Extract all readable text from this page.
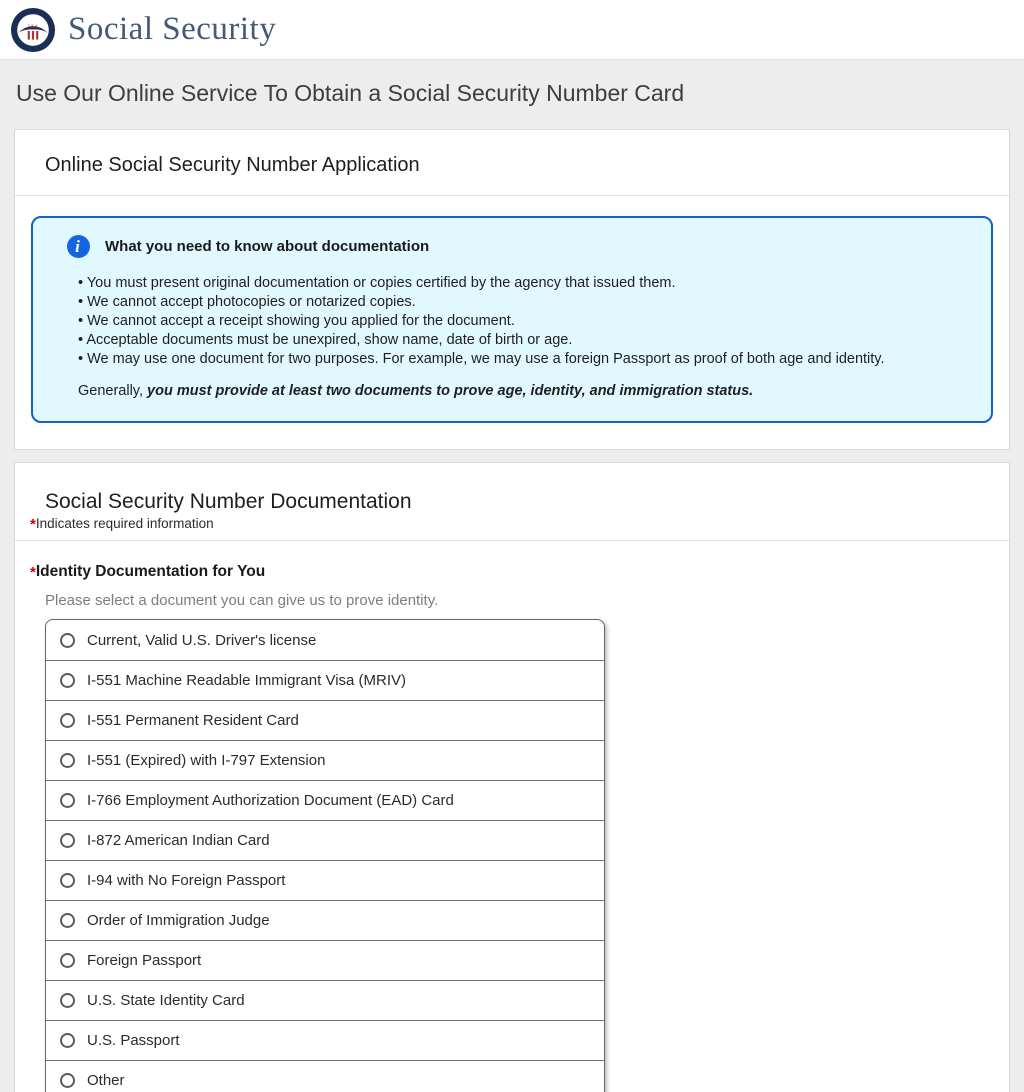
USA Social Security
Use Our Online Service To Obtain a Social Security Number Card
Online Social Security Number Application
i	What you need to know about documentation
• You must present original documentation or copies certified by the agency that issued them.
• We cannot accept photocopies or notarized copies.
• We cannot accept a receipt showing you applied for the document.
• Acceptable documents must be unexpired, show name, date of birth or age.
• We may use one document for two purposes. For example, we may use a foreign Passport as proof of both age and identity.

Generally, you must provide at least two documents to prove age, identity, and immigration status.

Social Security Number Documentation
*Indicates required information
*Identity Documentation for You

Please select a document you can give us to prove identity.

Current, Valid U.S. Driver's license
I-551 Machine Readable Immigrant Visa (MRIV)
I-551 Permanent Resident Card
I-551 (Expired) with I-797 Extension
I-766 Employment Authorization Document (EAD) Card
I-872 American Indian Card
I-94 with No Foreign Passport
Order of Immigration Judge
Foreign Passport
U.S. State Identity Card
U.S. Passport
Other
